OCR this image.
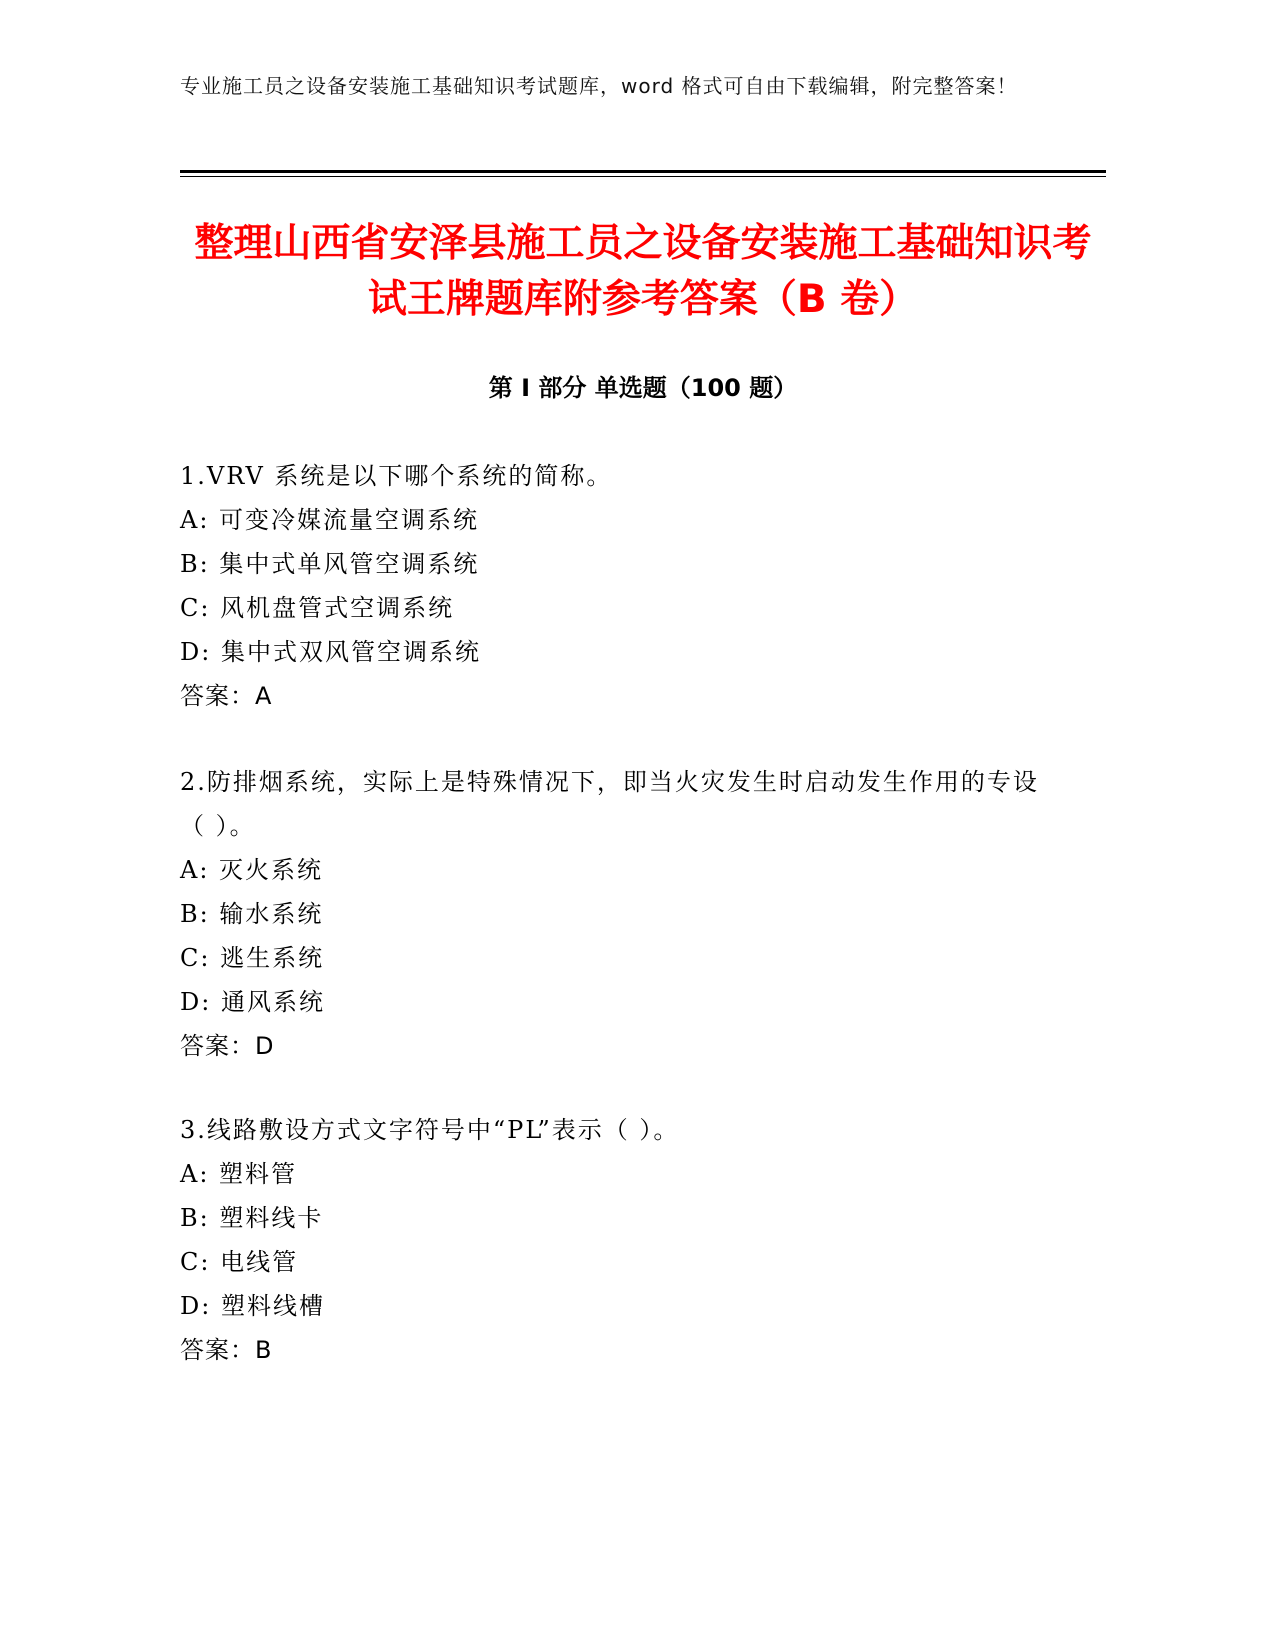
专业施工员之设备安装施工基础知识考试题库，word 格式可自由下载编辑，附完整答案！
整理山西省安泽县施工员之设备安装施工基础知识考试王牌题库附参考答案（B 卷）
第 I 部分 单选题（100 题）
1.VRV 系统是以下哪个系统的简称。
A: 可变冷媒流量空调系统
B: 集中式单风管空调系统
C: 风机盘管式空调系统
D: 集中式双风管空调系统
答案：A
2.防排烟系统，实际上是特殊情况下，即当火灾发生时启动发生作用的专设（ ）。
A: 灭火系统
B: 输水系统
C: 逃生系统
D: 通风系统
答案：D
3.线路敷设方式文字符号中“PL”表示（ ）。
A: 塑料管
B: 塑料线卡
C: 电线管
D: 塑料线槽
答案：B
